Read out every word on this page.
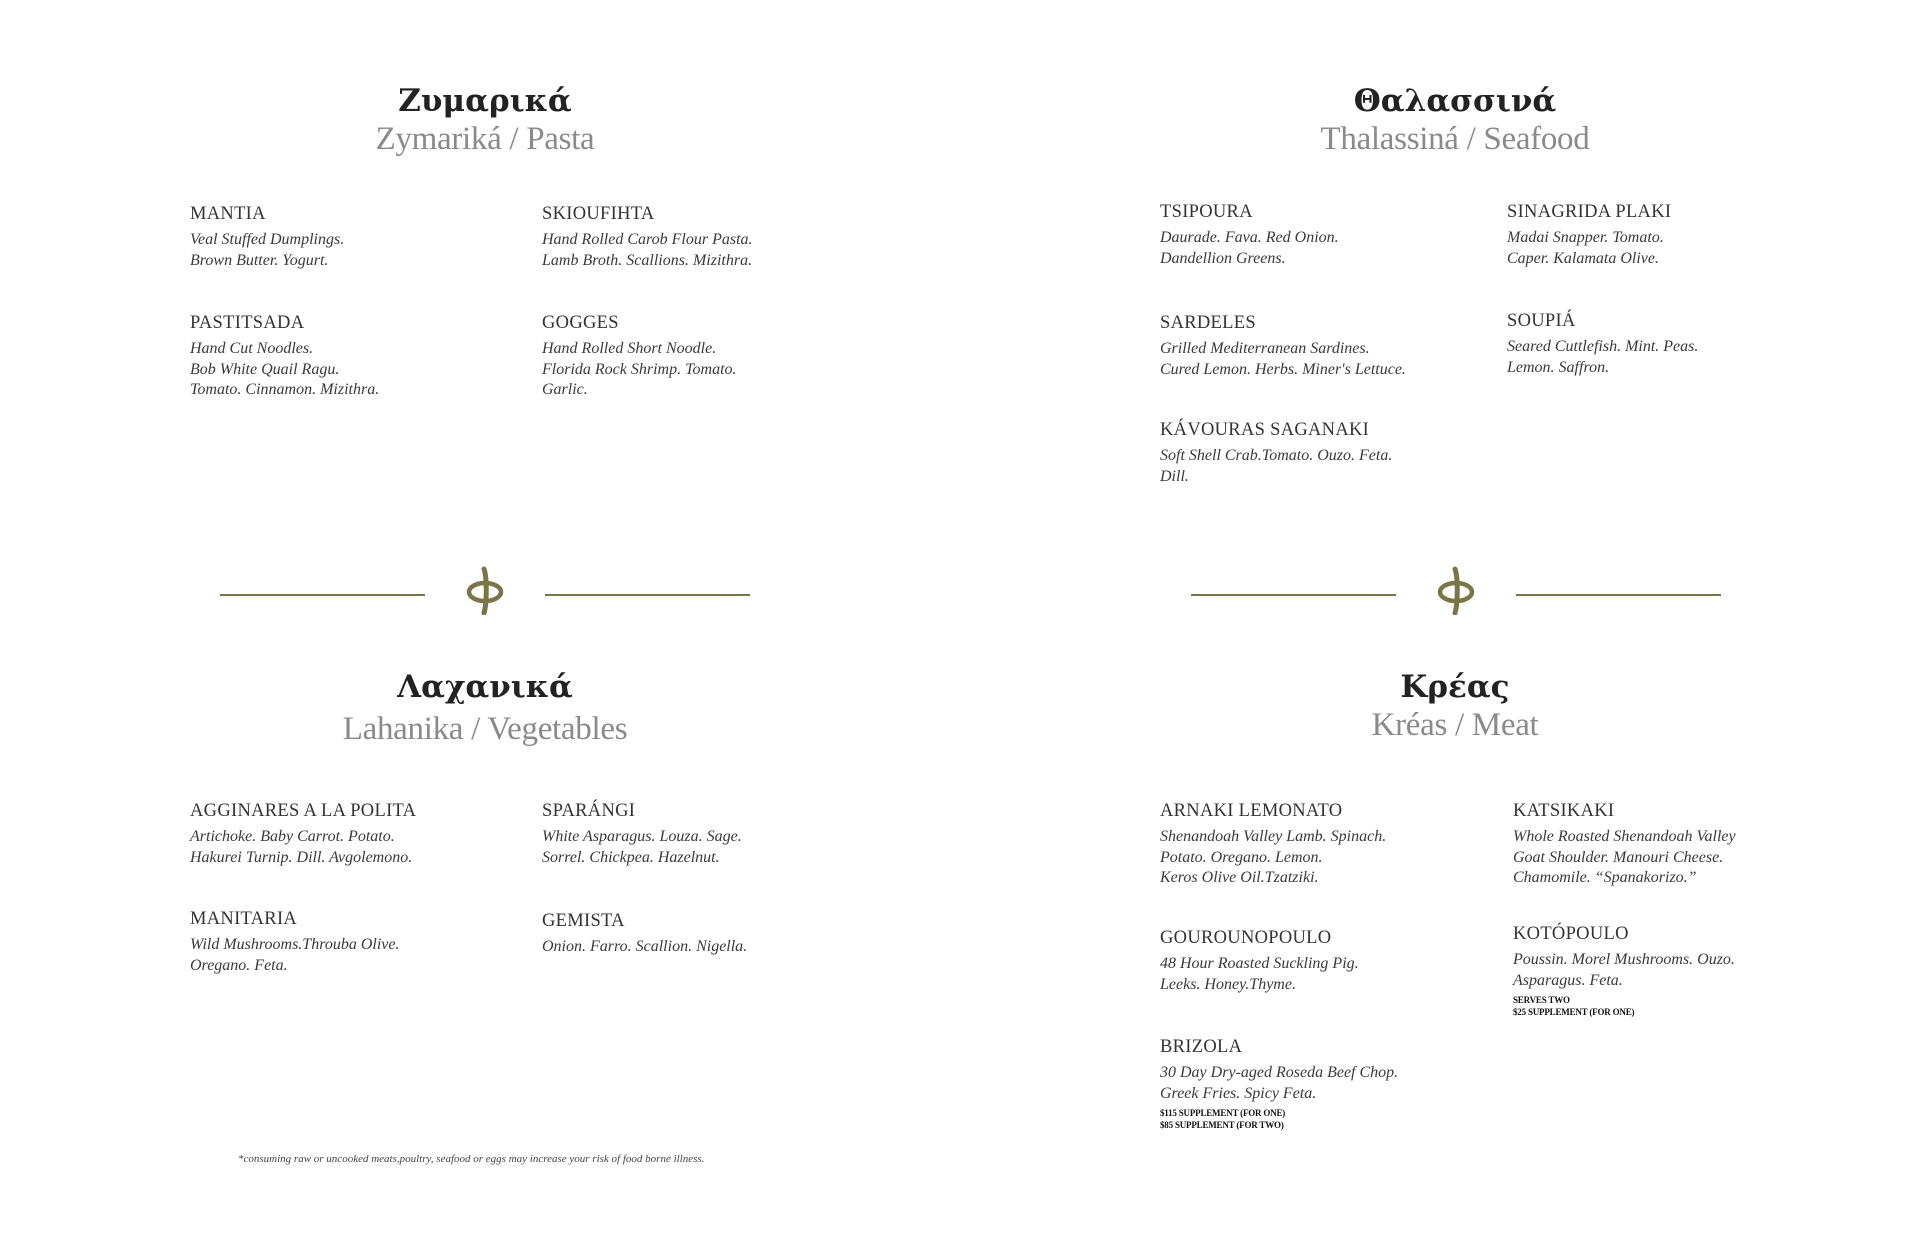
Ζυμαρικά
Zymariká / Pasta
MANTIA
Veal Stuffed Dumplings.
Brown Butter. Yogurt.
SKIOUFIHTA
Hand Rolled Carob Flour Pasta.
Lamb Broth. Scallions. Mizithra.
PASTITSADA
Hand Cut Noodles.
Bob White Quail Ragu.
Tomato. Cinnamon. Mizithra.
GOGGES
Hand Rolled Short Noodle.
Florida Rock Shrimp. Tomato.
Garlic.
Θαλασσινά
Thalassiná / Seafood
TSIPOURA
Daurade. Fava. Red Onion.
Dandellion Greens.
SINAGRIDA PLAKI
Madai Snapper. Tomato.
Caper. Kalamata Olive.
SARDELES
Grilled Mediterranean Sardines.
Cured Lemon. Herbs. Miner's Lettuce.
SOUPIÁ
Seared Cuttlefish. Mint. Peas.
Lemon. Saffron.
KÁVOURAS SAGANAKI
Soft Shell Crab.Tomato. Ouzo. Feta.
Dill.
Λαχανικά
Lahanika / Vegetables
AGGINARES A LA POLITA
Artichoke. Baby Carrot. Potato.
Hakurei Turnip. Dill. Avgolemono.
SPARÁNGI
White Asparagus. Louza. Sage.
Sorrel. Chickpea. Hazelnut.
MANITARIA
Wild Mushrooms.Throuba Olive.
Oregano. Feta.
GEMISTA
Onion. Farro. Scallion. Nigella.
Κρέας
Kréas / Meat
ARNAKI LEMONATO
Shenandoah Valley Lamb. Spinach.
Potato. Oregano. Lemon.
Keros Olive Oil.Tzatziki.
KATSIKAKI
Whole Roasted Shenandoah Valley
Goat Shoulder. Manouri Cheese.
Chamomile. “Spanakorizo.”
GOUROUNOPOULO
48 Hour Roasted Suckling Pig.
Leeks. Honey.Thyme.
KOTÓPOULO
Poussin. Morel Mushrooms. Ouzo.
Asparagus. Feta.
SERVES TWO
$25 SUPPLEMENT (FOR ONE)
BRIZOLA
30 Day Dry-aged Roseda Beef Chop.
Greek Fries. Spicy Feta.
$115 SUPPLEMENT (FOR ONE)
$85 SUPPLEMENT (FOR TWO)
*consuming raw or uncooked meats,poultry, seafood or eggs may increase your risk of food borne illness.
